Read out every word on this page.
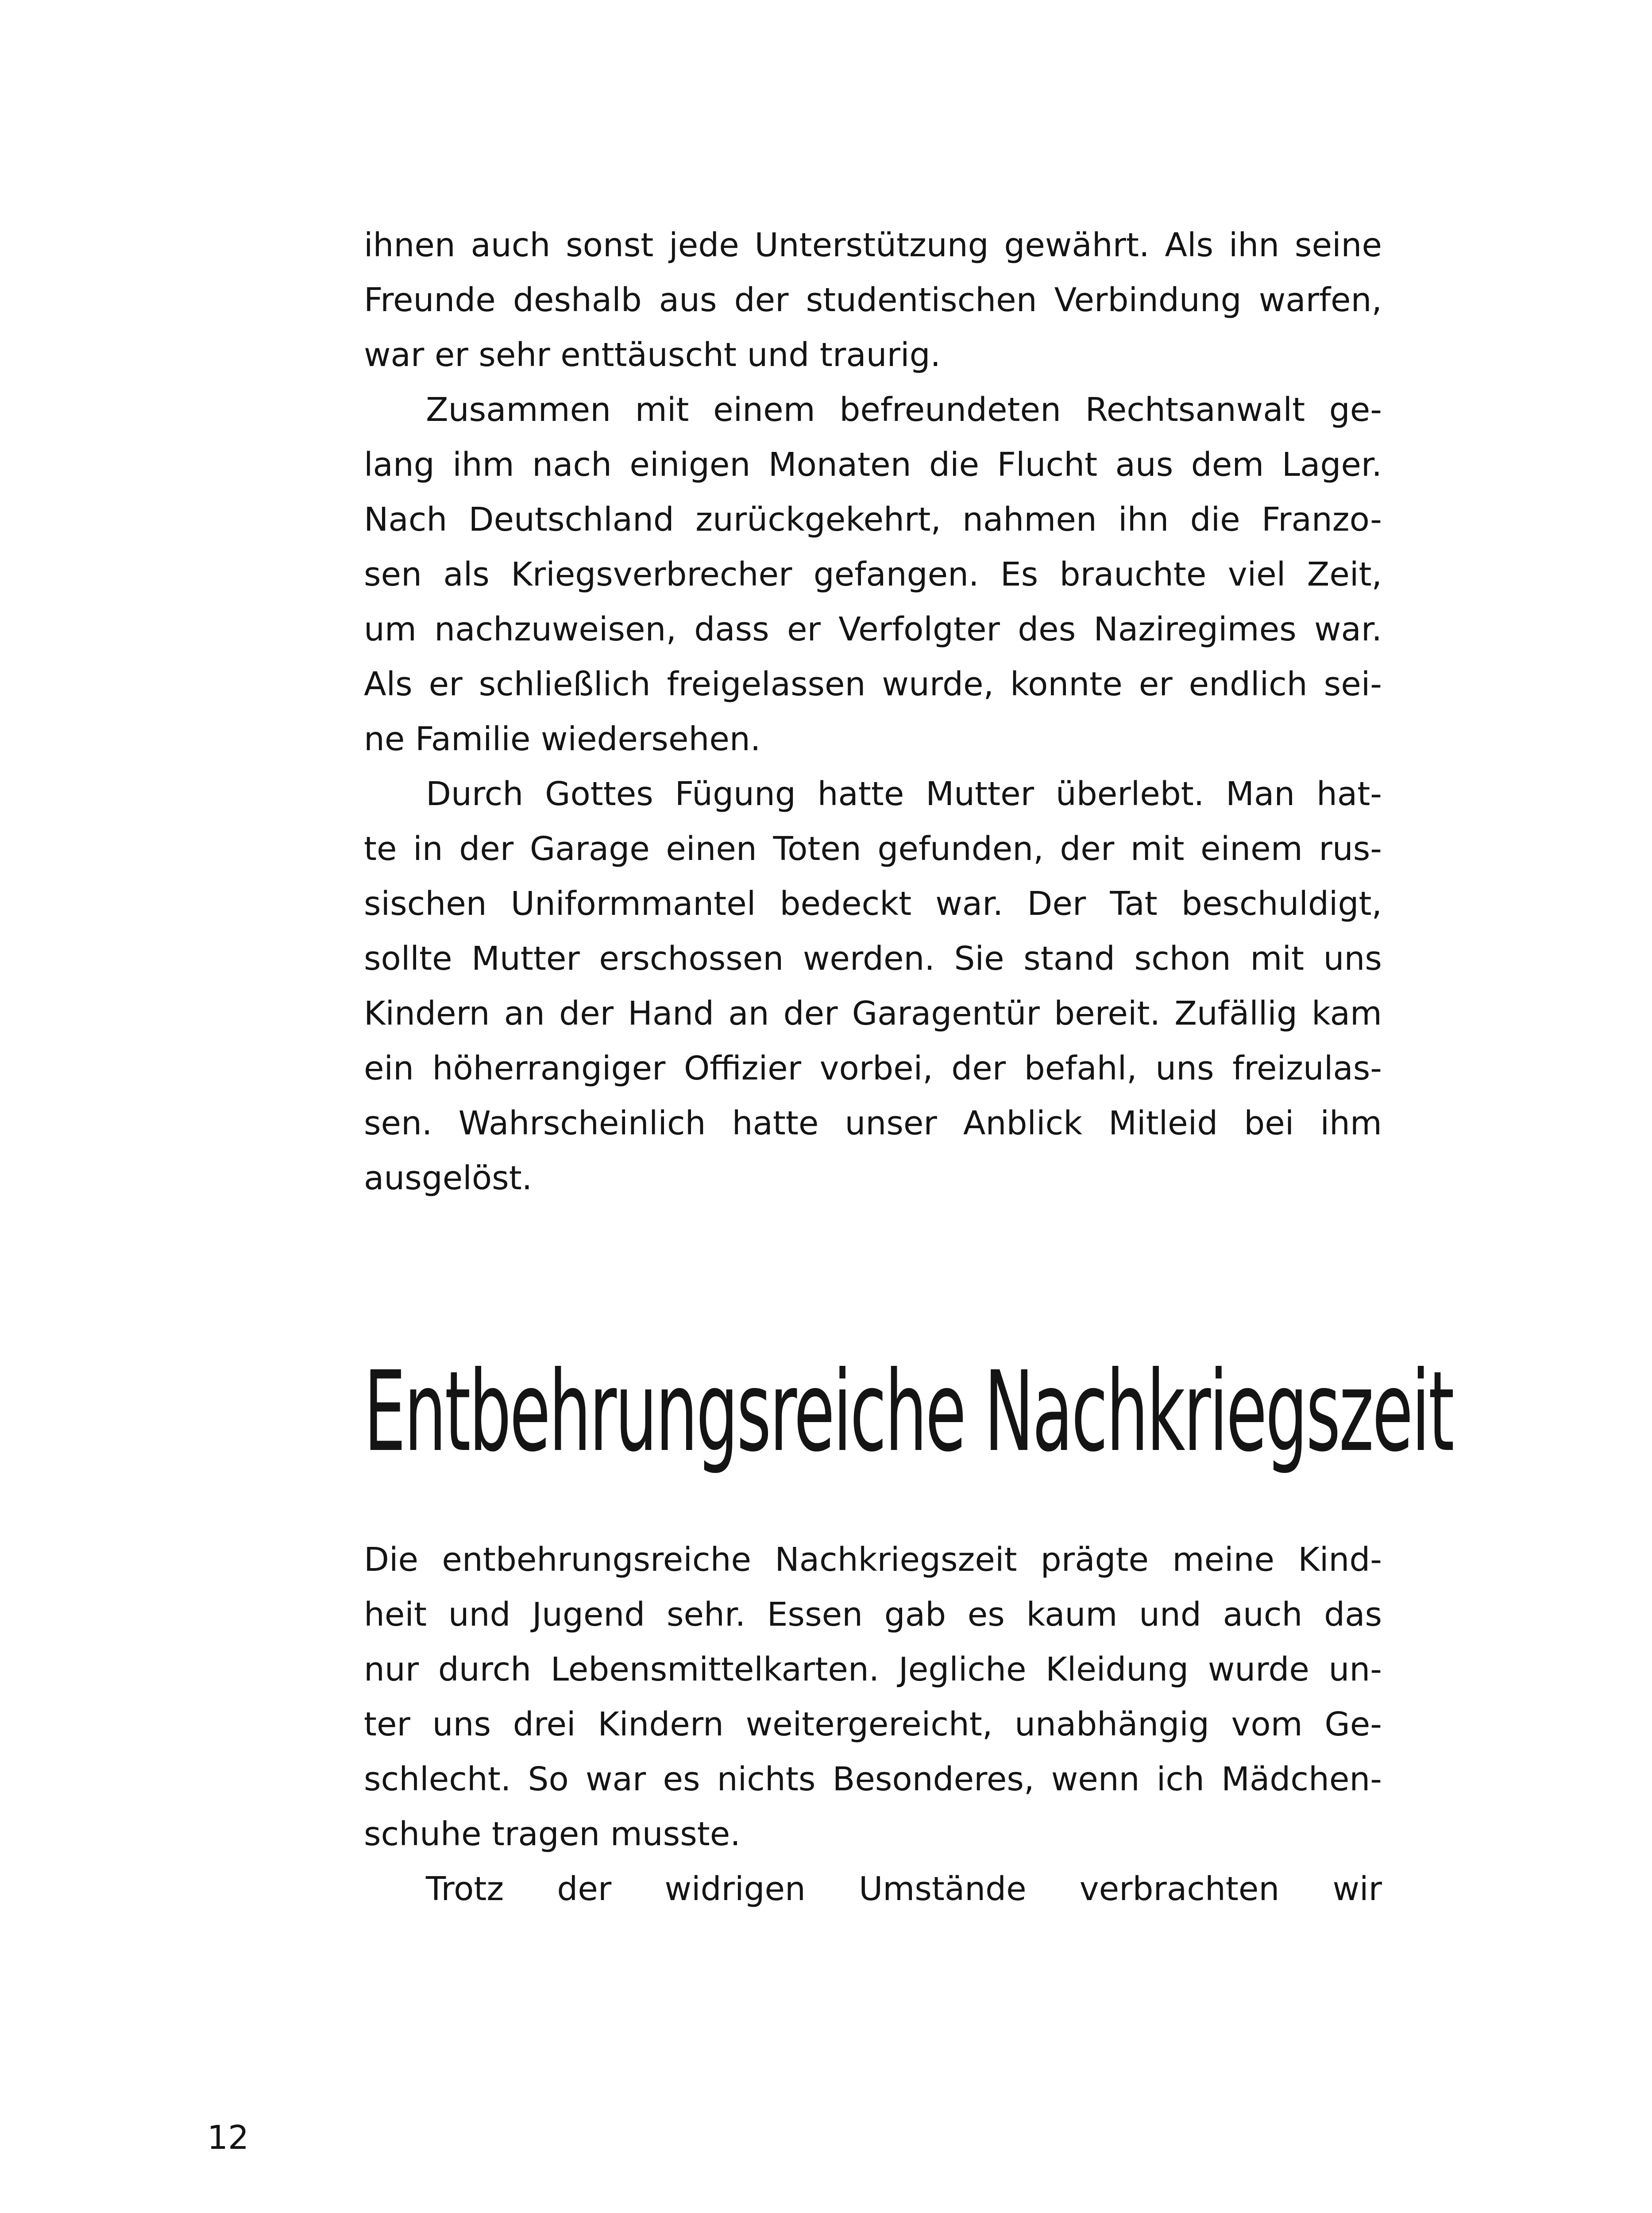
ihnen auch sonst jede Unterstützung gewährt. Als ihn seine
Freunde deshalb aus der studentischen Verbindung warfen,
war er sehr enttäuscht und traurig.
Zusammen mit einem befreundeten Rechtsanwalt ge-
lang ihm nach einigen Monaten die Flucht aus dem Lager.
Nach Deutschland zurückgekehrt, nahmen ihn die Franzo-
sen als Kriegsverbrecher gefangen. Es brauchte viel Zeit,
um nachzuweisen, dass er Verfolgter des Naziregimes war.
Als er schließlich freigelassen wurde, konnte er endlich sei-
ne Familie wiedersehen.
Durch Gottes Fügung hatte Mutter überlebt. Man hat-
te in der Garage einen Toten gefunden, der mit einem rus-
sischen Uniformmantel bedeckt war. Der Tat beschuldigt,
sollte Mutter erschossen werden. Sie stand schon mit uns
Kindern an der Hand an der Garagentür bereit. Zufällig kam
ein höherrangiger Offizier vorbei, der befahl, uns freizulas-
sen. Wahrscheinlich hatte unser Anblick Mitleid bei ihm
ausgelöst.
Entbehrungsreiche Nachkriegszeit
Die entbehrungsreiche Nachkriegszeit prägte meine Kind-
heit und Jugend sehr. Essen gab es kaum und auch das
nur durch Lebensmittelkarten. Jegliche Kleidung wurde un-
ter uns drei Kindern weitergereicht, unabhängig vom Ge-
schlecht. So war es nichts Besonderes, wenn ich Mädchen-
schuhe tragen musste.
Trotz der widrigen Umstände verbrachten wir
12
